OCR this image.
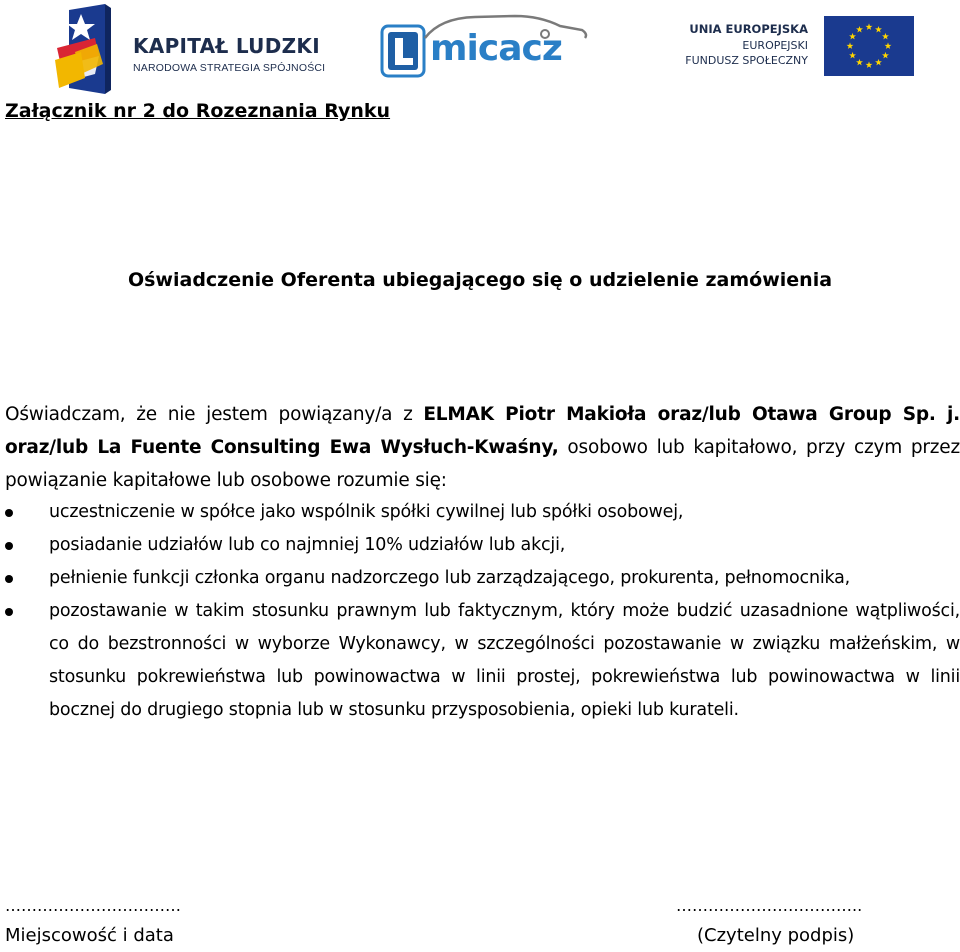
KAPITAŁ LUDZKI
NARODOWA STRATEGIA SPÓJNOŚCI	micacz	UNIA EUROPEJSKA
EUROPEJSKI
FUNDUSZ SPOŁECZNY
Załącznik nr 2 do Rozeznania Rynku
Oświadczenie Oferenta ubiegającego się o udzielenie zamówienia
Oświadczam, że nie jestem powiązany/a z ELMAK Piotr Makioła oraz/lub Otawa Group Sp. j. oraz/lub La Fuente Consulting Ewa Wysłuch-Kwaśny, osobowo lub kapitałowo, przy czym przez powiązanie kapitałowe lub osobowe rozumie się:
uczestniczenie w spółce jako wspólnik spółki cywilnej lub spółki osobowej,
posiadanie udziałów lub co najmniej 10% udziałów lub akcji,
pełnienie funkcji członka organu nadzorczego lub zarządzającego, prokurenta, pełnomocnika,
pozostawanie w takim stosunku prawnym lub faktycznym, który może budzić uzasadnione wątpliwości, co do bezstronności w wyborze Wykonawcy, w szczególności pozostawanie w związku małżeńskim, w stosunku pokrewieństwa lub powinowactwa w linii prostej, pokrewieństwa lub powinowactwa w linii bocznej do drugiego stopnia lub w stosunku przysposobienia, opieki lub kurateli.
……………………………	……………………………..
Miejscowość i data	(Czytelny podpis)
